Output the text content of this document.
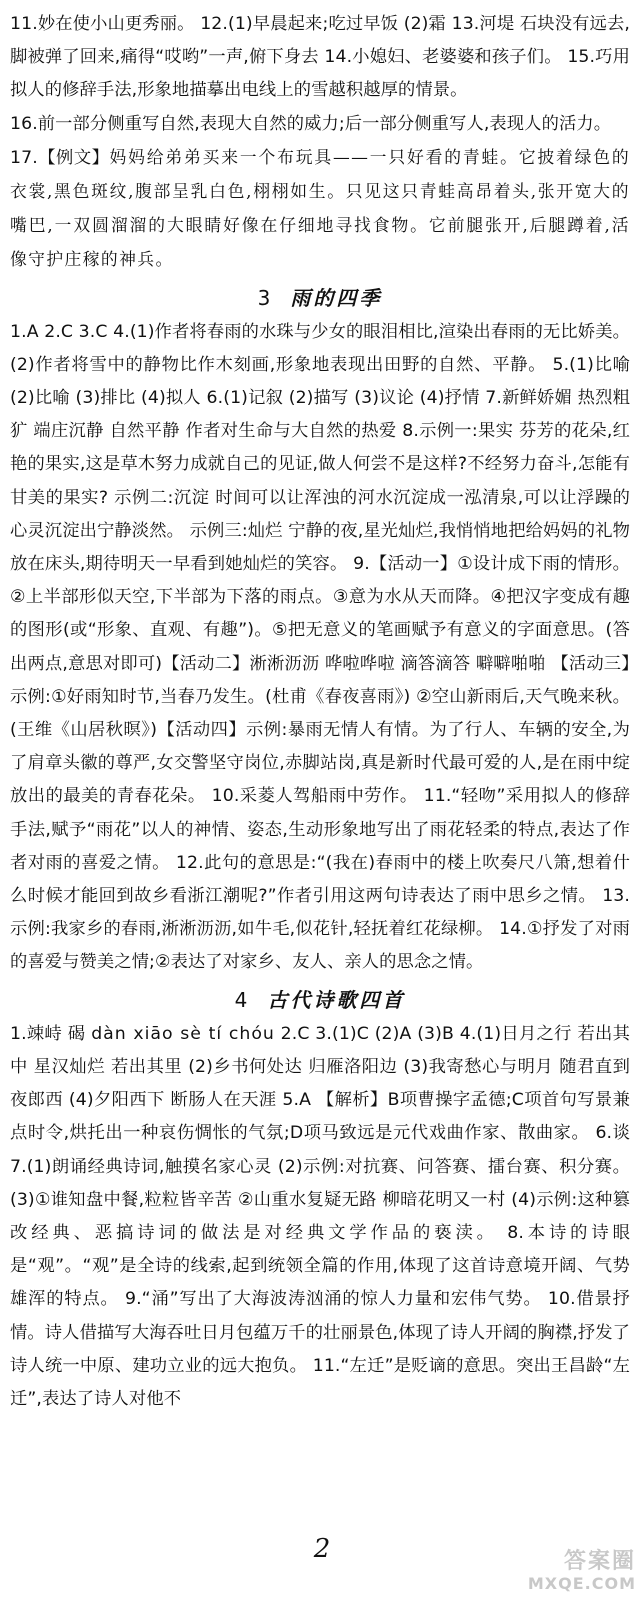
11.妙在使小山更秀丽。 12.(1)早晨起来;吃过早饭 (2)霜 13.河堤 石块没有远去,脚被弹了回来,痛得“哎哟”一声,俯下身去 14.小媳妇、老婆婆和孩子们。 15.巧用拟人的修辞手法,形象地描摹出电线上的雪越积越厚的情景。

16.前一部分侧重写自然,表现大自然的威力;后一部分侧重写人,表现人的活力。

17.【例文】妈妈给弟弟买来一个布玩具——一只好看的青蛙。它披着绿色的衣裳,黑色斑纹,腹部呈乳白色,栩栩如生。只见这只青蛙高昂着头,张开宽大的嘴巴,一双圆溜溜的大眼睛好像在仔细地寻找食物。它前腿张开,后腿蹲着,活像守护庄稼的神兵。

3 雨的四季

1.A 2.C 3.C 4.(1)作者将春雨的水珠与少女的眼泪相比,渲染出春雨的无比娇美。(2)作者将雪中的静物比作木刻画,形象地表现出田野的自然、平静。 5.(1)比喻 (2)比喻 (3)排比 (4)拟人 6.(1)记叙 (2)描写 (3)议论 (4)抒情 7.新鲜娇媚 热烈粗犷 端庄沉静 自然平静 作者对生命与大自然的热爱 8.示例一:果实 芬芳的花朵,红艳的果实,这是草木努力成就自己的见证,做人何尝不是这样?不经努力奋斗,怎能有甘美的果实? 示例二:沉淀 时间可以让浑浊的河水沉淀成一泓清泉,可以让浮躁的心灵沉淀出宁静淡然。 示例三:灿烂 宁静的夜,星光灿烂,我悄悄地把给妈妈的礼物放在床头,期待明天一早看到她灿烂的笑容。 9.【活动一】①设计成下雨的情形。②上半部形似天空,下半部为下落的雨点。③意为水从天而降。④把汉字变成有趣的图形(或“形象、直观、有趣”)。⑤把无意义的笔画赋予有意义的字面意思。(答出两点,意思对即可)【活动二】淅淅沥沥 哗啦哗啦 滴答滴答 噼噼啪啪 【活动三】示例:①好雨知时节,当春乃发生。(杜甫《春夜喜雨》) ②空山新雨后,天气晚来秋。(王维《山居秋暝》)【活动四】示例:暴雨无情人有情。为了行人、车辆的安全,为了肩章头徽的尊严,女交警坚守岗位,赤脚站岗,真是新时代最可爱的人,是在雨中绽放出的最美的青春花朵。 10.采菱人驾船雨中劳作。 11.“轻吻”采用拟人的修辞手法,赋予“雨花”以人的神情、姿态,生动形象地写出了雨花轻柔的特点,表达了作者对雨的喜爱之情。 12.此句的意思是:“(我在)春雨中的楼上吹奏尺八箫,想着什么时候才能回到故乡看浙江潮呢?”作者引用这两句诗表达了雨中思乡之情。 13.示例:我家乡的春雨,淅淅沥沥,如牛毛,似花针,轻抚着红花绿柳。 14.①抒发了对雨的喜爱与赞美之情;②表达了对家乡、友人、亲人的思念之情。

4 古代诗歌四首

1.竦峙 碣 dàn xiāo sè tí chóu 2.C 3.(1)C (2)A (3)B 4.(1)日月之行 若出其中 星汉灿烂 若出其里 (2)乡书何处达 归雁洛阳边 (3)我寄愁心与明月 随君直到夜郎西 (4)夕阳西下 断肠人在天涯 5.A 【解析】B项曹操字孟德;C项首句写景兼点时令,烘托出一种哀伤惆怅的气氛;D项马致远是元代戏曲作家、散曲家。 6.谈 7.(1)朗诵经典诗词,触摸名家心灵 (2)示例:对抗赛、问答赛、擂台赛、积分赛。 (3)①谁知盘中餐,粒粒皆辛苦 ②山重水复疑无路 柳暗花明又一村 (4)示例:这种篡改经典、恶搞诗词的做法是对经典文学作品的亵渎。 8.本诗的诗眼是“观”。“观”是全诗的线索,起到统领全篇的作用,体现了这首诗意境开阔、气势雄浑的特点。 9.“涌”写出了大海波涛汹涌的惊人力量和宏伟气势。 10.借景抒情。诗人借描写大海吞吐日月包蕴万千的壮丽景色,体现了诗人开阔的胸襟,抒发了诗人统一中原、建功立业的远大抱负。 11.“左迁”是贬谪的意思。突出王昌龄“左迁”,表达了诗人对他不

2	答案圈
MXQE.COM
